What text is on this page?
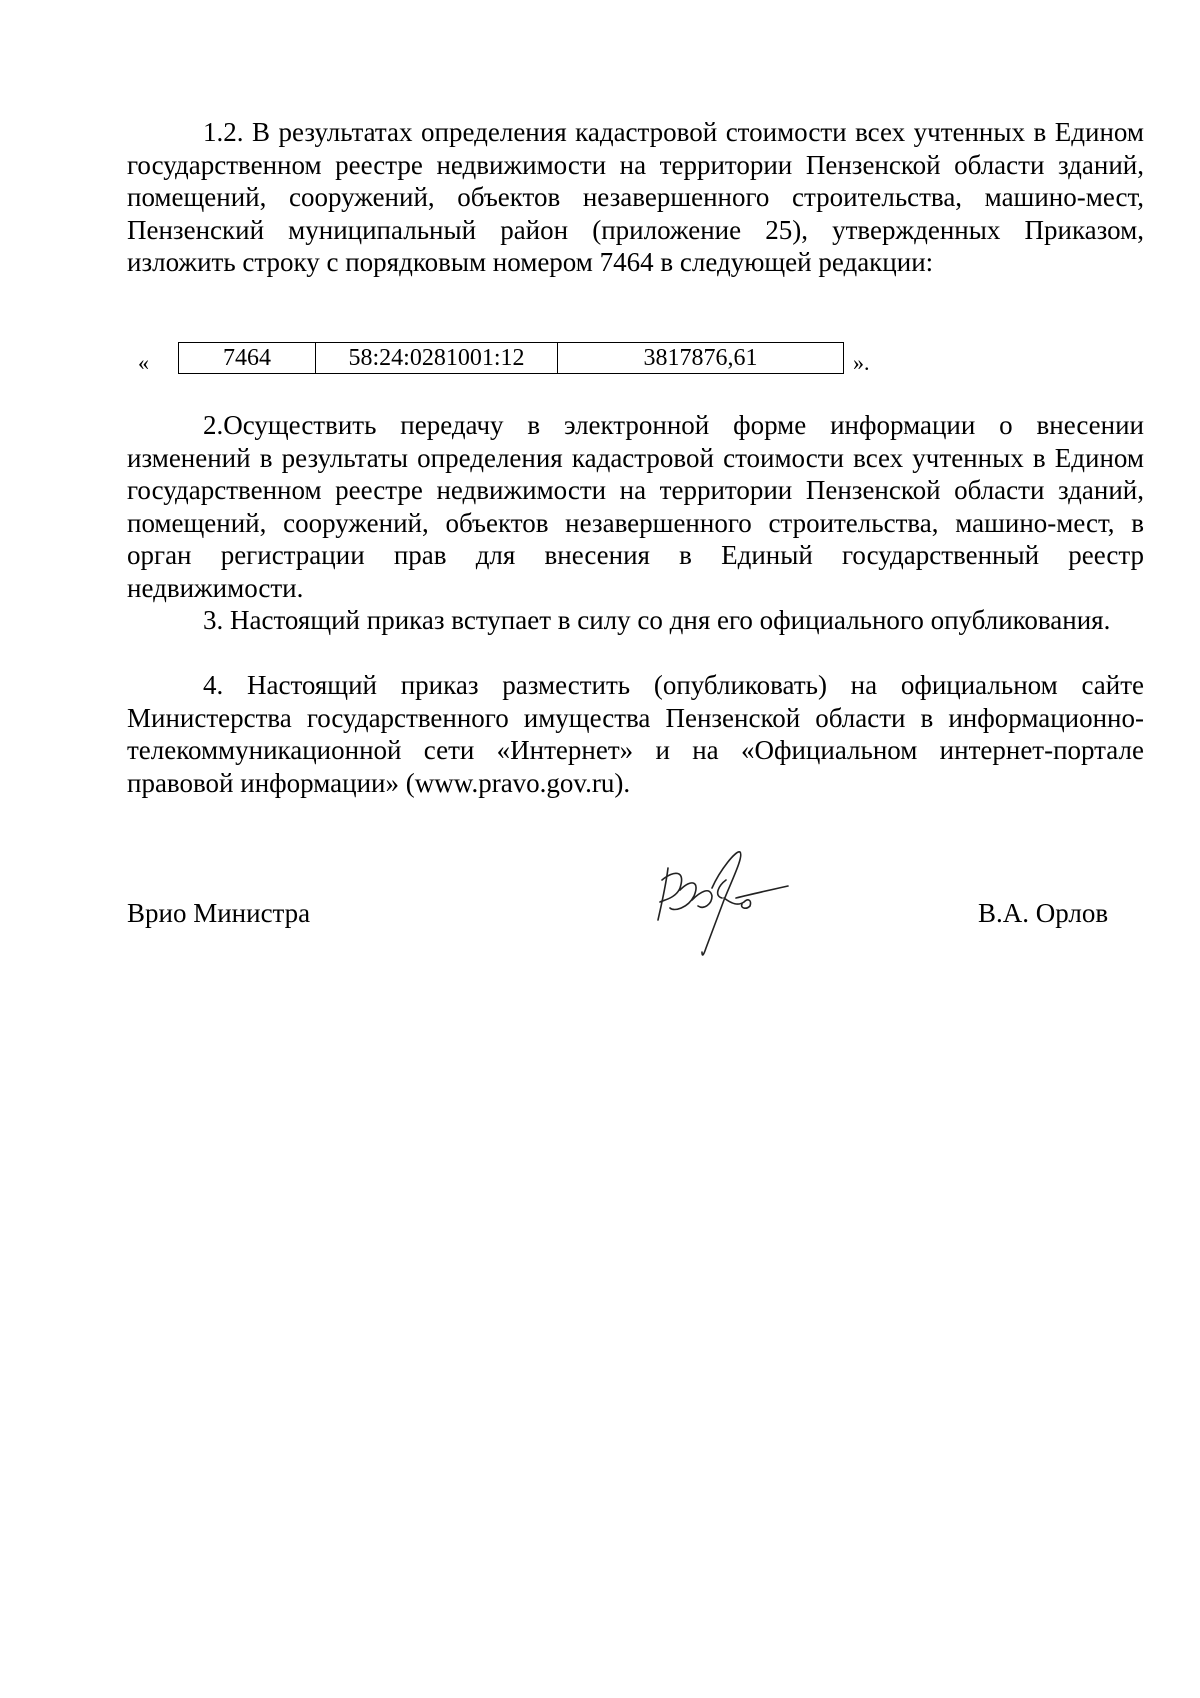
1.2. В результатах определения кадастровой стоимости всех учтенных в Едином государственном реестре недвижимости на территории Пензенской области зданий, помещений, сооружений, объектов незавершенного строительства, машино-мест, Пензенский муниципальный район (приложение 25), утвержденных Приказом, изложить строку с порядковым номером 7464 в следующей редакции:

«	7464	58:24:0281001:12	3817876,61	».

2.Осуществить передачу в электронной форме информации о внесении изменений в результаты определения кадастровой стоимости всех учтенных в Едином государственном реестре недвижимости на территории Пензенской области зданий, помещений, сооружений, объектов незавершенного строительства, машино-мест, в орган регистрации прав для внесения в Единый государственный реестр недвижимости.

3. Настоящий приказ вступает в силу со дня его официального опубликования.

4. Настоящий приказ разместить (опубликовать) на официальном сайте Министерства государственного имущества Пензенской области в информационно-телекоммуникационной сети «Интернет» и на «Официальном интернет-портале правовой информации» (www.pravo.gov.ru).

Врио Министра	В.А. Орлов
